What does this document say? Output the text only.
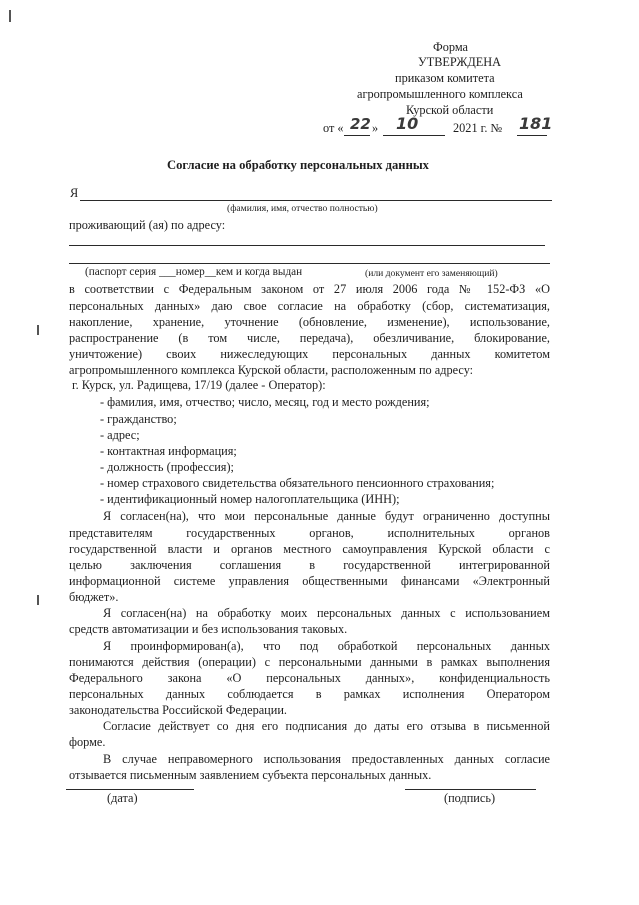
Форма
УТВЕРЖДЕНА
приказом комитета
агропромышленного комплекса
Курской области
от « 22 » 10	2021 г. № 181
Согласие на обработку персональных данных
Я
(фамилия, имя, отчество полностью)
проживающий (ая) по адресу:
(паспорт серия ___номер__кем и когда выдан	(или документ его заменяющий)
в соответствии с Федеральным законом от 27 июля 2006 года № 152-ФЗ «О
персональных данных» даю свое согласие на обработку (сбор, систематизация,
накопление, хранение, уточнение (обновление, изменение), использование,
распространение (в том числе, передача), обезличивание, блокирование,
уничтожение) своих нижеследующих персональных данных комитетом
агропромышленного комплекса Курской области, расположенным по адресу:
г. Курск, ул. Радищева, 17/19 (далее - Оператор):
- фамилия, имя, отчество; число, месяц, год и место рождения;
- гражданство;
- адрес;
- контактная информация;
- должность (профессия);
- номер страхового свидетельства обязательного пенсионного страхования;
- идентификационный номер налогоплательщика (ИНН);
Я согласен(на), что мои персональные данные будут ограниченно доступны
представителям государственных органов, исполнительных органов
государственной власти и органов местного самоуправления Курской области с
целью заключения соглашения в государственной интегрированной
информационной системе управления общественными финансами «Электронный
бюджет».
Я согласен(на) на обработку моих персональных данных с использованием
средств автоматизации и без использования таковых.
Я проинформирован(а), что под обработкой персональных данных
понимаются действия (операции) с персональными данными в рамках выполнения
Федерального закона «О персональных данных», конфиденциальность
персональных данных соблюдается в рамках исполнения Оператором
законодательства Российской Федерации.
Согласие действует со дня его подписания до даты его отзыва в письменной
форме.
В случае неправомерного использования предоставленных данных согласие
отзывается письменным заявлением субъекта персональных данных.
(дата)	(подпись)
